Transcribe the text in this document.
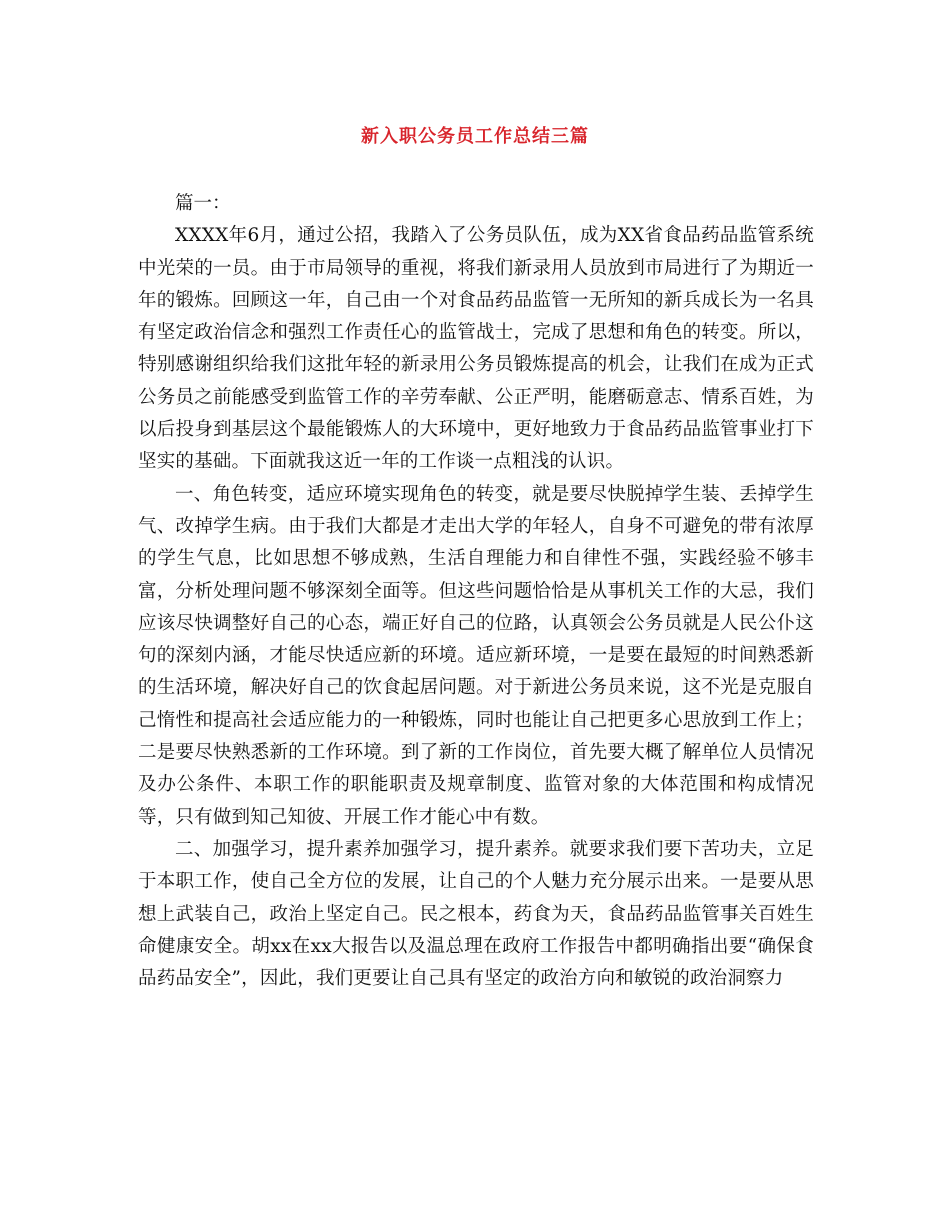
新入职公务员工作总结三篇

篇一：

XXXX年6月，通过公招，我踏入了公务员队伍，成为XX省食品药品监管系统中光荣的一员。由于市局领导的重视，将我们新录用人员放到市局进行了为期近一年的锻炼。回顾这一年，自己由一个对食品药品监管一无所知的新兵成长为一名具有坚定政治信念和强烈工作责任心的监管战士，完成了思想和角色的转变。所以，特别感谢组织给我们这批年轻的新录用公务员锻炼提高的机会，让我们在成为正式公务员之前能感受到监管工作的辛劳奉献、公正严明，能磨砺意志、情系百姓，为以后投身到基层这个最能锻炼人的大环境中，更好地致力于食品药品监管事业打下坚实的基础。下面就我这近一年的工作谈一点粗浅的认识。

一、角色转变，适应环境实现角色的转变，就是要尽快脱掉学生装、丢掉学生气、改掉学生病。由于我们大都是才走出大学的年轻人，自身不可避免的带有浓厚的学生气息，比如思想不够成熟，生活自理能力和自律性不强，实践经验不够丰富，分析处理问题不够深刻全面等。但这些问题恰恰是从事机关工作的大忌，我们应该尽快调整好自己的心态，端正好自己的位路，认真领会公务员就是人民公仆这句的深刻内涵，才能尽快适应新的环境。适应新环境，一是要在最短的时间熟悉新的生活环境，解决好自己的饮食起居问题。对于新进公务员来说，这不光是克服自己惰性和提高社会适应能力的一种锻炼，同时也能让自己把更多心思放到工作上；二是要尽快熟悉新的工作环境。到了新的工作岗位，首先要大概了解单位人员情况及办公条件、本职工作的职能职责及规章制度、监管对象的大体范围和构成情况等，只有做到知己知彼、开展工作才能心中有数。

二、加强学习，提升素养加强学习，提升素养。就要求我们要下苦功夫，立足于本职工作，使自己全方位的发展，让自己的个人魅力充分展示出来。一是要从思想上武装自己，政治上坚定自己。民之根本，药食为天，食品药品监管事关百姓生命健康安全。胡xx在xx大报告以及温总理在政府工作报告中都明确指出要“确保食品药品安全”，因此，我们更要让自己具有坚定的政治方向和敏锐的政治洞察力
